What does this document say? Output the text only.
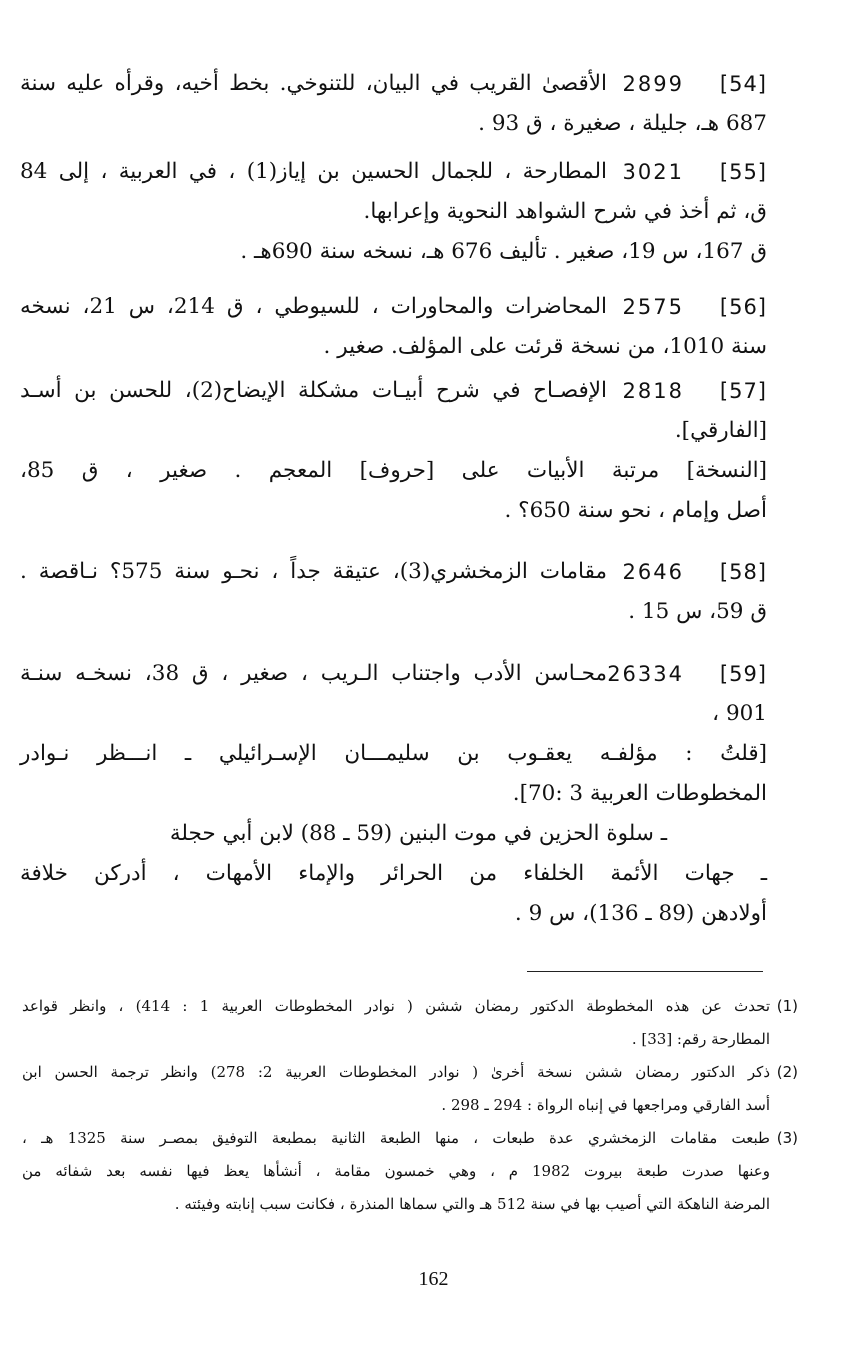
[54]
2899
الأقصىٰ القريب في البيان، للتنوخي. بخط أخيه، وقرأه عليه سنة
687 هـ، جليلة ، صغيرة ، ق 93 .
[55]
3021
المطارحة ، للجمال الحسين بن إياز(1) ، في العربية ، إلى 84
ق، ثم أخذ في شرح الشواهد النحوية وإعرابها.
ق 167، س 19، صغير . تأليف 676 هـ، نسخه سنة 690هـ .
[56]
2575
المحاضرات والمحاورات ، للسيوطي ، ق 214، س 21، نسخه
سنة 1010، من نسخة قرئت على المؤلف. صغير .
[57]
2818
الإفصـاح في شرح أبيـات مشكلة الإيضاح(2)، للحسن بن أسـد
[الفارقي].
[النسخة] مرتبة الأبيات على [حروف] المعجم . صغير ، ق 85،
أصل وإمام ، نحو سنة 650؟ .
[58]
2646
مقامات الزمخشري(3)، عتيقة جداً ، نحـو سنة 575؟ نـاقصة .
ق 59، س 15 .
[59]
26334
محـاسن الأدب واجتناب الـريب ، صغير ، ق 38، نسخـه سنـة
901 ،
[قلتُ : مؤلفـه يعقـوب بن سليمـــان الإسـرائيلي ـ انـــظر نـوادر
المخطوطات العربية 3 :70].
ـ سلوة الحزين في موت البنين (59 ـ 88) لابن أبي حجلة
ـ جهات الأئمة الخلفاء من الحرائر والإماء الأمهات ، أدركن خلافة
أولادهن (89 ـ 136)، س 9 .
(1)
تحدث عن هذه المخطوطة الدكتور رمضان ششن ( نوادر المخطوطات العربية 1 : 414) ، وانظر قواعد
المطارحة رقم: [33] .
(2)
ذكر الدكتور رمضان ششن نسخة أخرىٰ ( نوادر المخطوطات العربية 2: 278) وانظر ترجمة الحسن ابن
أسد الفارقي ومراجعها في إنباه الرواة : 294 ـ 298 .
(3)
طبعت مقامات الزمخشري عدة طبعات ، منها الطبعة الثانية بمطبعة التوفيق بمصـر سنة 1325 هـ ،
وعنها صدرت طبعة بيروت 1982 م ، وهي خمسون مقامة ، أنشأها يعظ فيها نفسه بعد شفائه من
المرضة الناهكة التي أصيب بها في سنة 512 هـ والتي سماها المنذرة ، فكانت سبب إنابته وفيئته .
162
